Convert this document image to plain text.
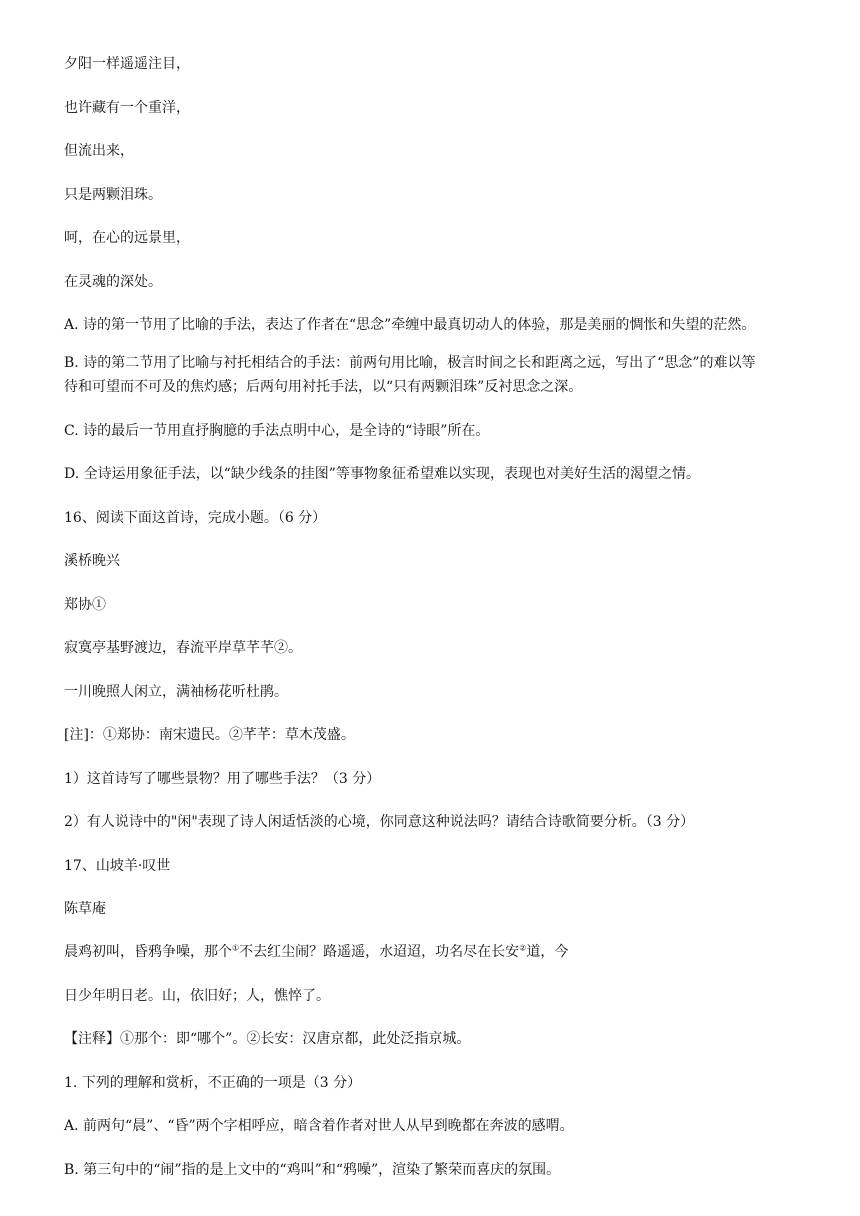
夕阳一样遥遥注目，
也许藏有一个重洋，
但流出来，
只是两颗泪珠。
呵，在心的远景里，
在灵魂的深处。
A. 诗的第一节用了比喻的手法，表达了作者在“思念”牵缠中最真切动人的体验，那是美丽的惆怅和失望的茫然。
B. 诗的第二节用了比喻与衬托相结合的手法：前两句用比喻，极言时间之长和距离之远，写出了“思念”的难以等
待和可望而不可及的焦灼感；后两句用衬托手法，以“只有两颗泪珠”反衬思念之深。
C. 诗的最后一节用直抒胸臆的手法点明中心，是全诗的“诗眼”所在。
D. 全诗运用象征手法，以“缺少线条的挂图”等事物象征希望难以实现，表现也对美好生活的渴望之情。
16、阅读下面这首诗，完成小题。（6 分）
溪桥晚兴
郑协①
寂寞亭基野渡边，春流平岸草芊芊②。
一川晚照人闲立，满袖杨花听杜鹃。
[注]：①郑协：南宋遗民。②芊芊：草木茂盛。
1）这首诗写了哪些景物？用了哪些手法？（3 分）
2）有人说诗中的"闲"表现了诗人闲适恬淡的心境，你同意这种说法吗？请结合诗歌简要分析。（3 分）
17、山坡羊·叹世
陈草庵
晨鸡初叫，昏鸦争噪，那个①不去红尘闹？路遥遥，水迢迢，功名尽在长安②道，今
日少年明日老。山，依旧好；人，憔悴了。
【注释】①那个：即“哪个”。②长安：汉唐京都，此处泛指京城。
1. 下列的理解和赏析，不正确的一项是（3 分）
A. 前两句“晨”、“昏”两个字相呼应，暗含着作者对世人从早到晚都在奔波的感喟。
B. 第三句中的“闹”指的是上文中的“鸡叫”和“鸦噪”，渲染了繁荣而喜庆的氛围。
